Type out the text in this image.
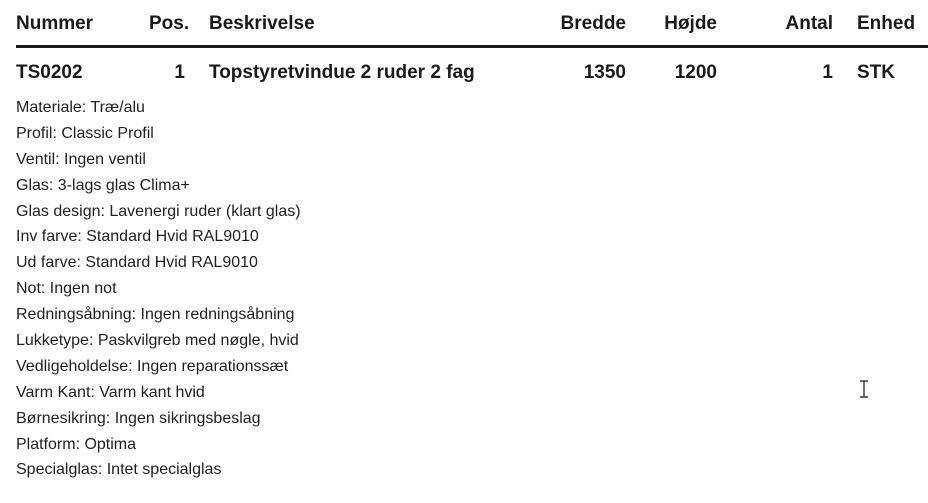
Nummer	Pos.	Beskrivelse	Bredde	Højde	Antal Enhed
TS0202	1 Topstyretvindue 2 ruder 2 fag	1350	1200	1 STK
Materiale: Træ/alu
Profil: Classic Profil
Ventil: Ingen ventil
Glas: 3-lags glas Clima+
Glas design: Lavenergi ruder (klart glas)
Inv farve: Standard Hvid RAL9010
Ud farve: Standard Hvid RAL9010
Not: Ingen not
Redningsåbning: Ingen redningsåbning
Lukketype: Paskvilgreb med nøgle, hvid
Vedligeholdelse: Ingen reparationssæt
Varm Kant: Varm kant hvid
Børnesikring: Ingen sikringsbeslag
Platform: Optima
Specialglas: Intet specialglas
